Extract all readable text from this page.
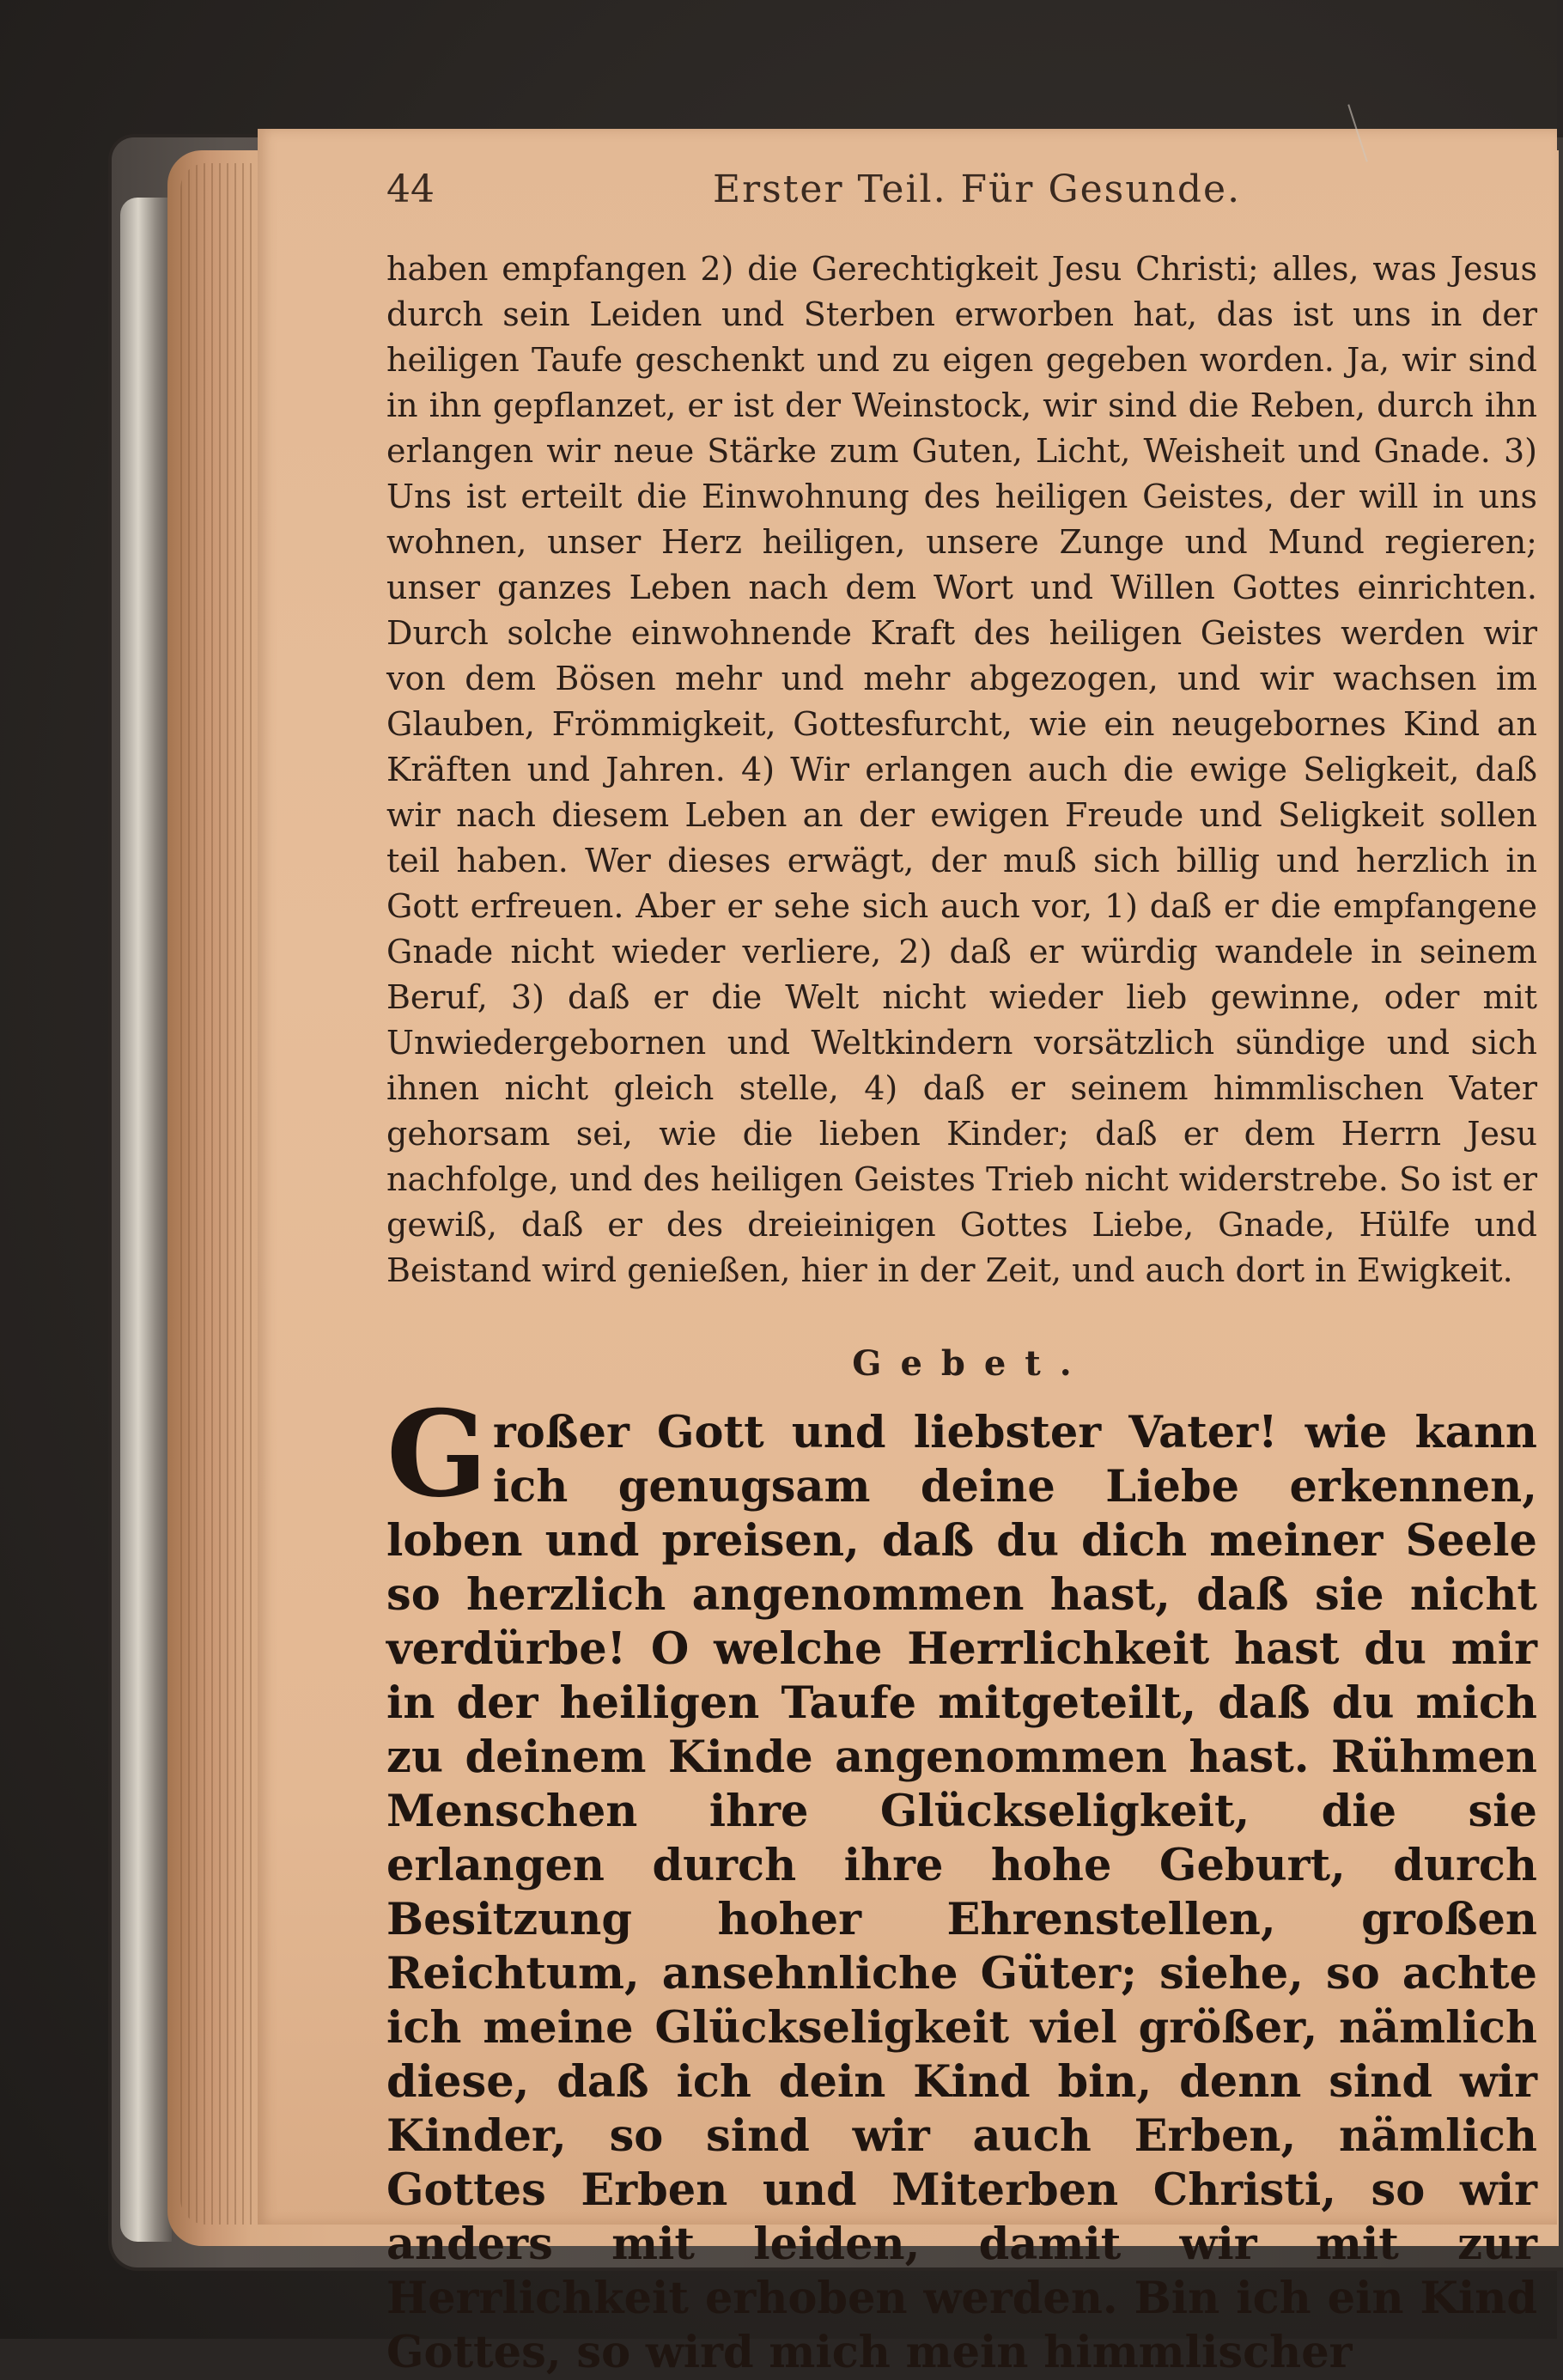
44	Erster Teil. Für Gesunde.
haben empfangen 2) die Gerechtigkeit Jesu Christi; alles, was Jesus durch sein Leiden und Sterben erworben hat, das ist uns in der heiligen Taufe geschenkt und zu eigen gegeben worden. Ja, wir sind in ihn gepflanzet, er ist der Weinstock, wir sind die Reben, durch ihn erlangen wir neue Stärke zum Guten, Licht, Weisheit und Gnade. 3) Uns ist erteilt die Einwohnung des heiligen Geistes, der will in uns wohnen, unser Herz heiligen, unsere Zunge und Mund regieren; unser ganzes Leben nach dem Wort und Willen Gottes einrichten. Durch solche einwohnende Kraft des heiligen Geistes werden wir von dem Bösen mehr und mehr abgezogen, und wir wachsen im Glauben, Frömmigkeit, Gottesfurcht, wie ein neugebornes Kind an Kräften und Jahren. 4) Wir erlangen auch die ewige Seligkeit, daß wir nach diesem Leben an der ewigen Freude und Seligkeit sollen teil haben. Wer dieses erwägt, der muß sich billig und herzlich in Gott erfreuen. Aber er sehe sich auch vor, 1) daß er die empfangene Gnade nicht wieder verliere, 2) daß er würdig wandele in seinem Beruf, 3) daß er die Welt nicht wieder lieb gewinne, oder mit Unwiedergebornen und Weltkindern vorsätzlich sündige und sich ihnen nicht gleich stelle, 4) daß er seinem himmlischen Vater gehorsam sei, wie die lieben Kinder; daß er dem Herrn Jesu nachfolge, und des heiligen Geistes Trieb nicht widerstrebe. So ist er gewiß, daß er des dreieinigen Gottes Liebe, Gnade, Hülfe und Beistand wird genießen, hier in der Zeit, und auch dort in Ewigkeit.
Gebet.
Großer Gott und liebster Vater! wie kann ich genugsam deine Liebe erkennen, loben und preisen, daß du dich meiner Seele so herzlich angenommen hast, daß sie nicht verdürbe! O welche Herrlichkeit hast du mir in der heiligen Taufe mitgeteilt, daß du mich zu deinem Kinde angenommen hast. Rühmen Menschen ihre Glückseligkeit, die sie erlangen durch ihre hohe Geburt, durch Besitzung hoher Ehrenstellen, großen Reichtum, ansehnliche Güter; siehe, so achte ich meine Glückseligkeit viel größer, nämlich diese, daß ich dein Kind bin, denn sind wir Kinder, so sind wir auch Erben, nämlich Gottes Erben und Miterben Christi, so wir anders mit leiden, damit wir mit zur Herrlichkeit erhoben werden. Bin ich ein Kind Gottes, so wird mich mein himmlischer
